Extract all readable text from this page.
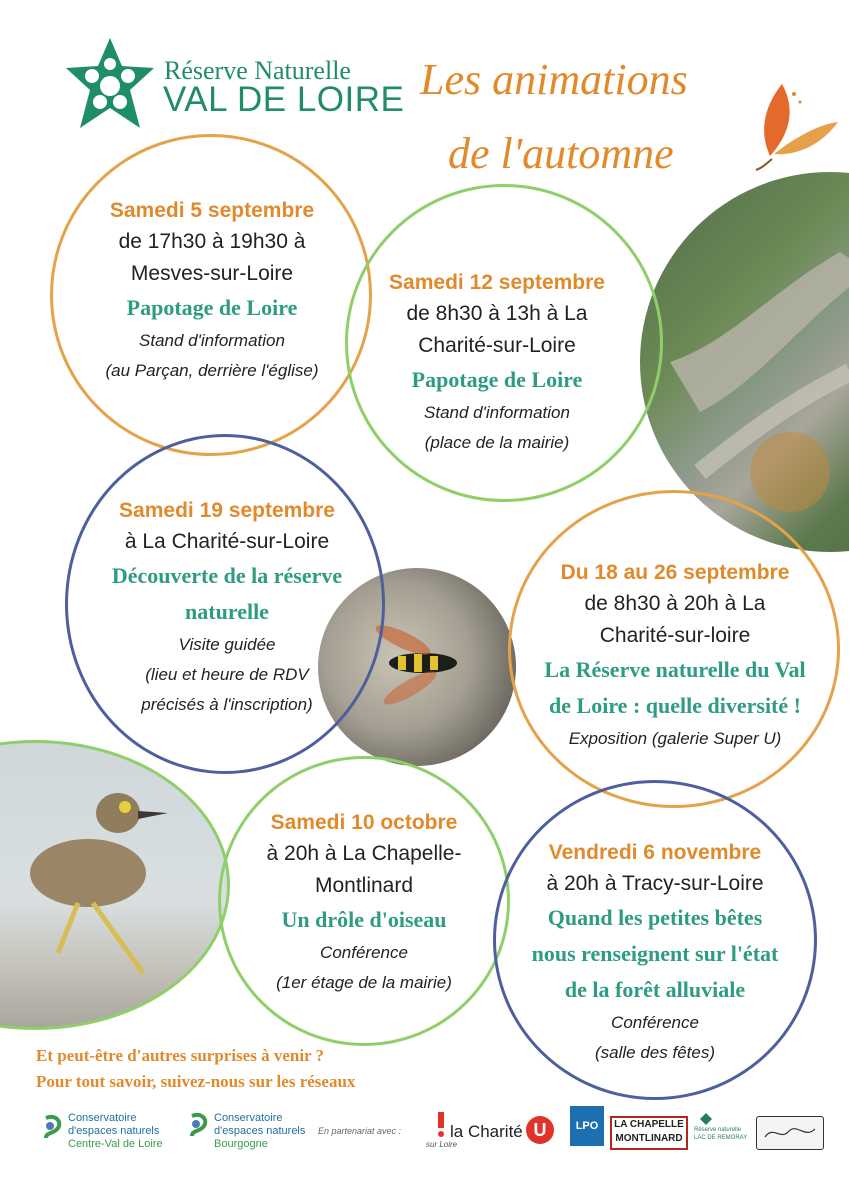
Réserve Naturelle
VAL DE LOIRE Les animations
de l'automne
Samedi 5 septembre
de 17h30 à 19h30 à
Mesves-sur-Loire
Papotage de Loire
Stand d'information
(au Parçan, derrière l'église)
Samedi 12 septembre
de 8h30 à 13h à La
Charité-sur-Loire
Papotage de Loire
Stand d'information
(place de la mairie)
Samedi 19 septembre
à La Charité-sur-Loire
Découverte de la réserve
naturelle
Visite guidée
(lieu et heure de RDV
précisés à l'inscription)
Du 18 au 26 septembre
de 8h30 à 20h à La
Charité-sur-loire
La Réserve naturelle du Val
de Loire : quelle diversité !
Exposition (galerie Super U)
Samedi 10 octobre
à 20h à La Chapelle-
Montlinard
Un drôle d'oiseau
Conférence
(1er étage de la mairie)
Vendredi 6 novembre
à 20h à Tracy-sur-Loire
Quand les petites bêtes
nous renseignent sur l'état
de la forêt alluviale
Conférence
(salle des fêtes)
Et peut-être d'autres surprises à venir ?
Pour tout savoir, suivez-nous sur les réseaux
Conservatoire
d'espaces naturels
Centre-Val de Loire
Conservatoire
d'espaces naturels
Bourgogne
En partenariat avec :	la Charité
sur Loire
U	LPO	LA CHAPELLE
MONTLINARD
Réserve naturelle
LAC DE REMORAY
